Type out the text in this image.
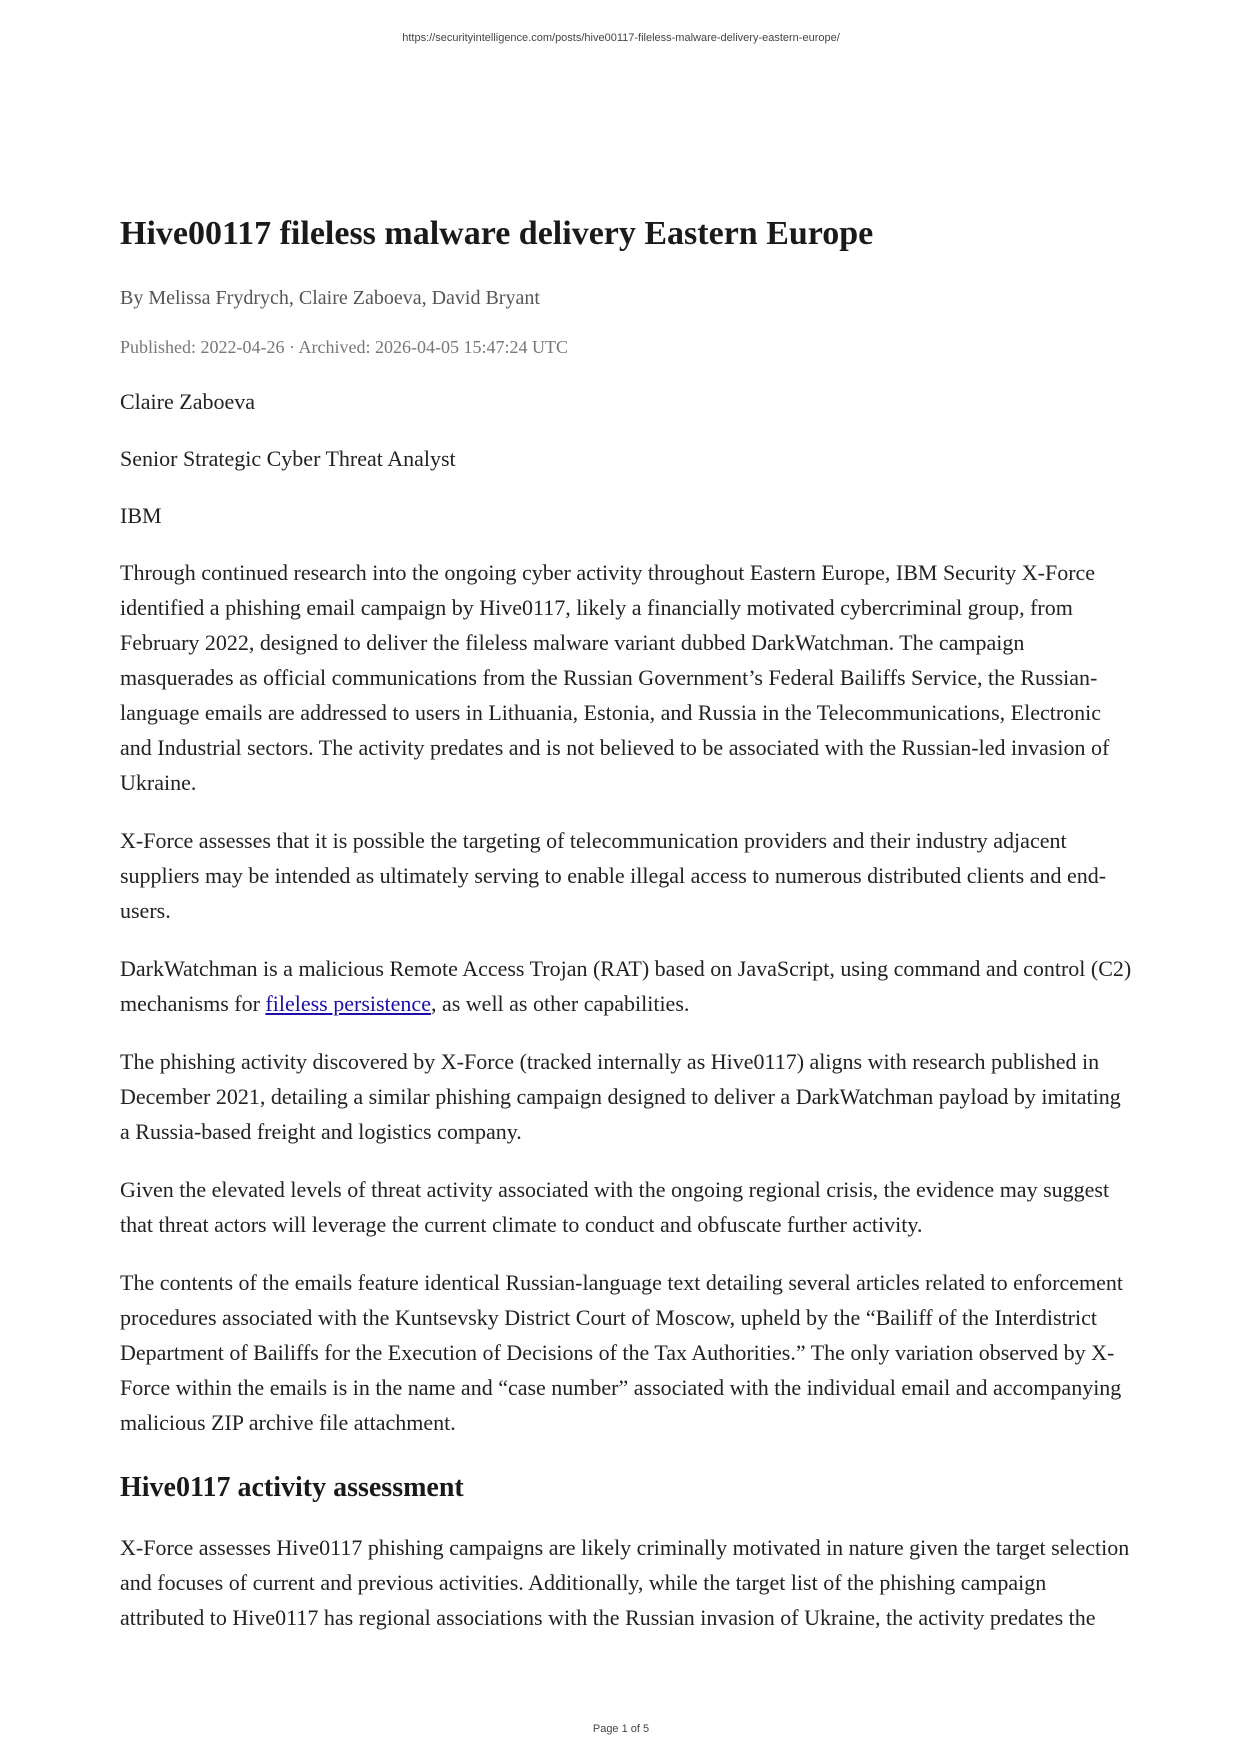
https://securityintelligence.com/posts/hive00117-fileless-malware-delivery-eastern-europe/
Hive00117 fileless malware delivery Eastern Europe
By Melissa Frydrych, Claire Zaboeva, David Bryant
Published: 2022-04-26 · Archived: 2026-04-05 15:47:24 UTC

Claire Zaboeva

Senior Strategic Cyber Threat Analyst

IBM

Through continued research into the ongoing cyber activity throughout Eastern Europe, IBM Security X-Force identified a phishing email campaign by Hive0117, likely a financially motivated cybercriminal group, from February 2022, designed to deliver the fileless malware variant dubbed DarkWatchman. The campaign masquerades as official communications from the Russian Government’s Federal Bailiffs Service, the Russian-language emails are addressed to users in Lithuania, Estonia, and Russia in the Telecommunications, Electronic and Industrial sectors. The activity predates and is not believed to be associated with the Russian-led invasion of Ukraine.

X-Force assesses that it is possible the targeting of telecommunication providers and their industry adjacent suppliers may be intended as ultimately serving to enable illegal access to numerous distributed clients and end-users.

DarkWatchman is a malicious Remote Access Trojan (RAT) based on JavaScript, using command and control (C2) mechanisms for fileless persistence, as well as other capabilities.

The phishing activity discovered by X-Force (tracked internally as Hive0117) aligns with research published in December 2021, detailing a similar phishing campaign designed to deliver a DarkWatchman payload by imitating a Russia-based freight and logistics company.

Given the elevated levels of threat activity associated with the ongoing regional crisis, the evidence may suggest that threat actors will leverage the current climate to conduct and obfuscate further activity.

The contents of the emails feature identical Russian-language text detailing several articles related to enforcement procedures associated with the Kuntsevsky District Court of Moscow, upheld by the “Bailiff of the Interdistrict Department of Bailiffs for the Execution of Decisions of the Tax Authorities.” The only variation observed by X-Force within the emails is in the name and “case number” associated with the individual email and accompanying malicious ZIP archive file attachment.

Hive0117 activity assessment

X-Force assesses Hive0117 phishing campaigns are likely criminally motivated in nature given the target selection and focuses of current and previous activities. Additionally, while the target list of the phishing campaign attributed to Hive0117 has regional associations with the Russian invasion of Ukraine, the activity predates the

Page 1 of 5
